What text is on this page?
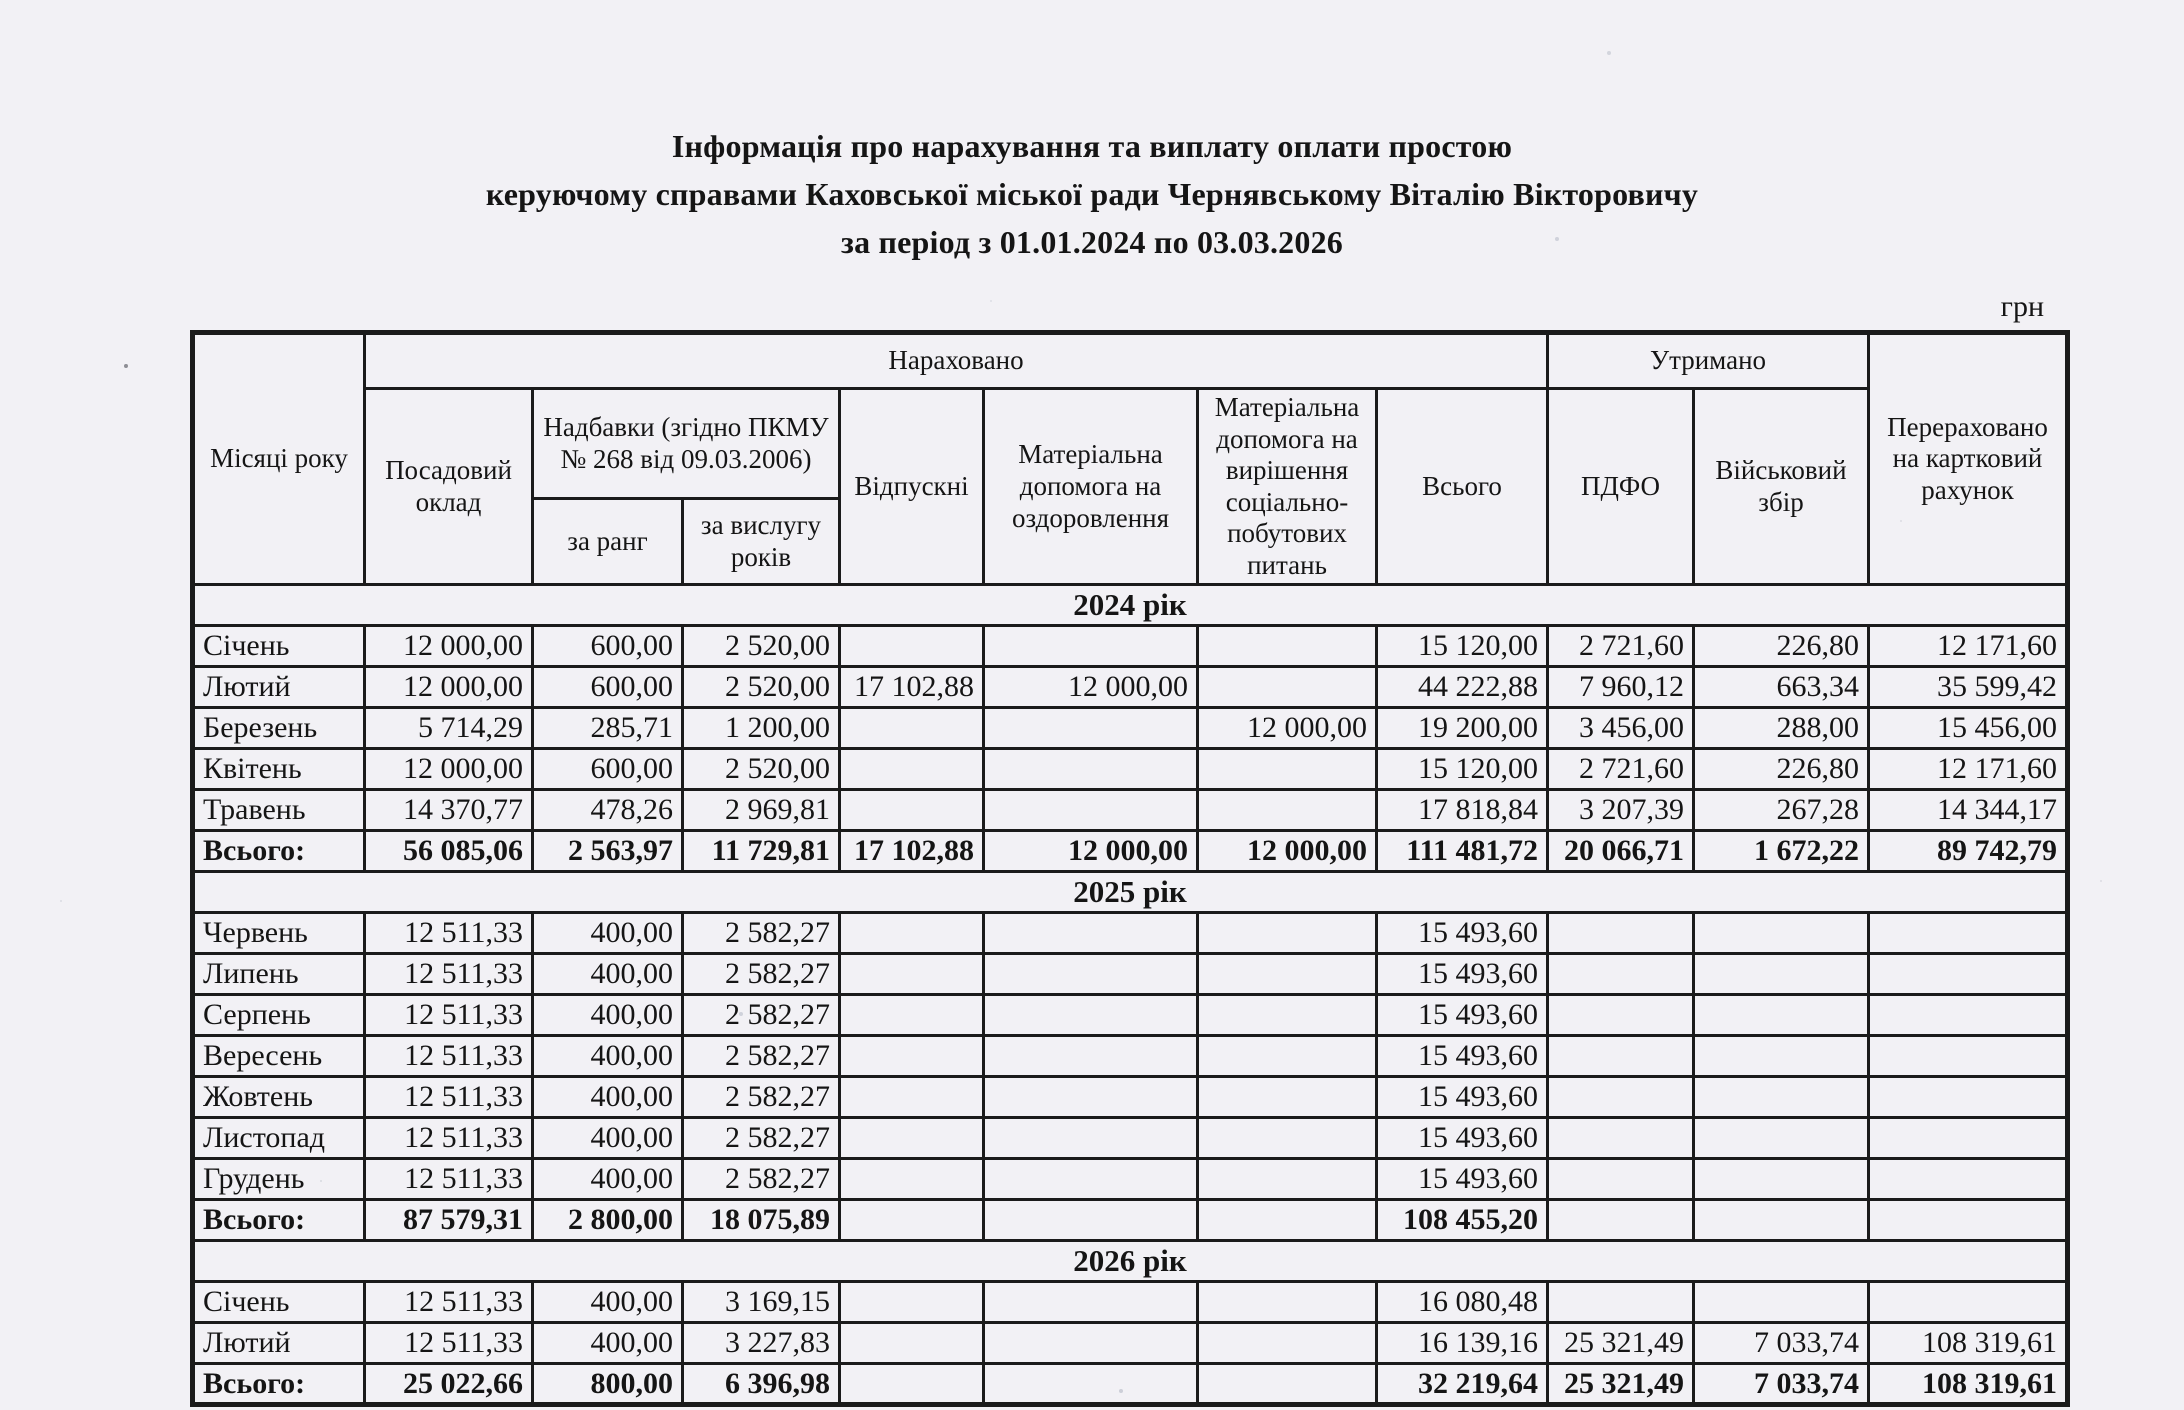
Інформація про нарахування та виплату оплати простою
керуючому справами Каховської міської ради Чернявському Віталію Вікторовичу
за період з 01.01.2024 по 03.03.2026
грн
Місяці року	Нараховано							Утримано		Перераховано на картковий рахунок
	Посадовий оклад	Надбавки (згідно ПКМУ № 268 від 09.03.2006)		Відпускні	Матеріальна допомога на оздоровлення	Матеріальна допомога на вирішення соціально-побутових питань	Всього	ПДФО	Військовий збір	
		за ранг	за вислугу років							
2024 рік										
Січень	12 000,00	600,00	2 520,00				15 120,00	2 721,60	226,80	12 171,60
Лютий	12 000,00	600,00	2 520,00	17 102,88	12 000,00		44 222,88	7 960,12	663,34	35 599,42
Березень	5 714,29	285,71	1 200,00			12 000,00	19 200,00	3 456,00	288,00	15 456,00
Квітень	12 000,00	600,00	2 520,00				15 120,00	2 721,60	226,80	12 171,60
Травень	14 370,77	478,26	2 969,81				17 818,84	3 207,39	267,28	14 344,17
Всього:	56 085,06	2 563,97	11 729,81	17 102,88	12 000,00	12 000,00	111 481,72	20 066,71	1 672,22	89 742,79
2025 рік										
Червень	12 511,33	400,00	2 582,27				15 493,60			
Липень	12 511,33	400,00	2 582,27				15 493,60			
Серпень	12 511,33	400,00	2 582,27				15 493,60			
Вересень	12 511,33	400,00	2 582,27				15 493,60			
Жовтень	12 511,33	400,00	2 582,27				15 493,60			
Листопад	12 511,33	400,00	2 582,27				15 493,60			
Грудень	12 511,33	400,00	2 582,27				15 493,60			
Всього:	87 579,31	2 800,00	18 075,89				108 455,20			
2026 рік										
Січень	12 511,33	400,00	3 169,15				16 080,48			
Лютий	12 511,33	400,00	3 227,83				16 139,16	25 321,49	7 033,74	108 319,61
Всього:	25 022,66	800,00	6 396,98				32 219,64	25 321,49	7 033,74	108 319,61
